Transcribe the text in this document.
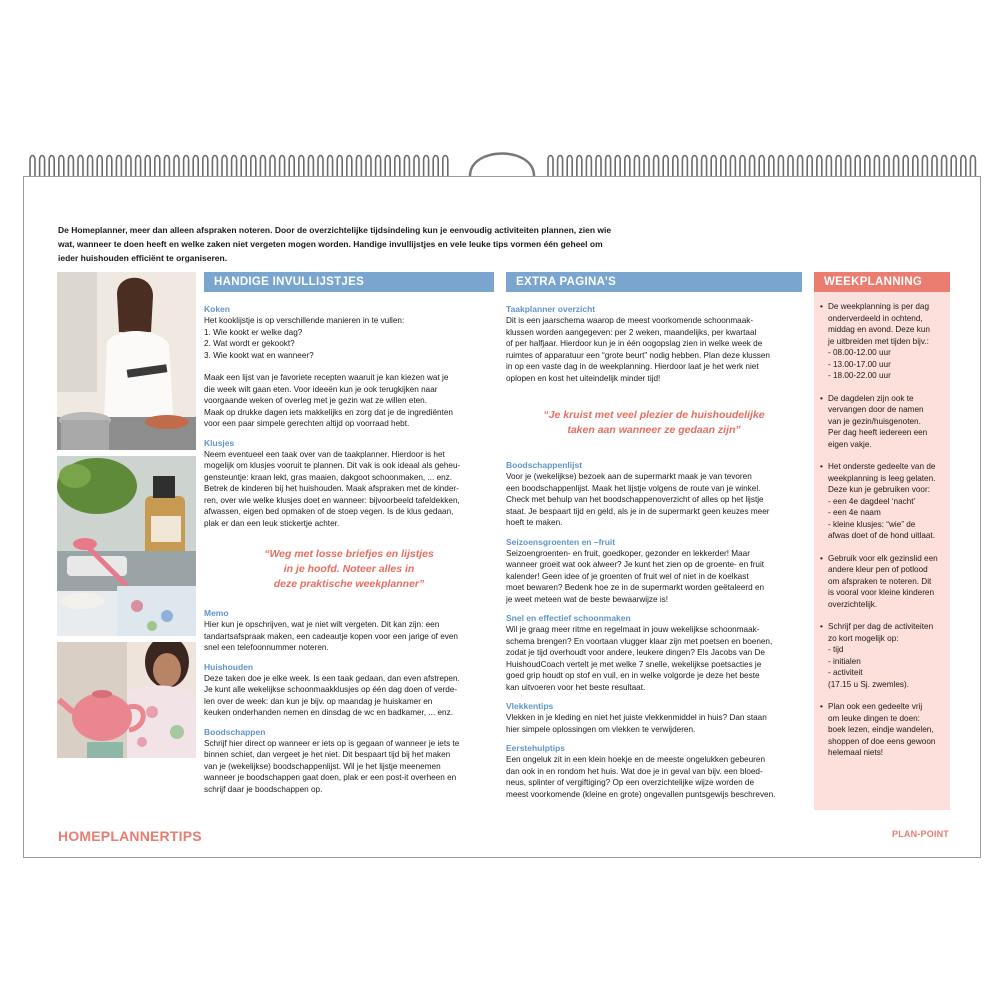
De Homeplanner, meer dan alleen afspraken noteren. Door de overzichtelijke tijdsindeling kun je eenvoudig activiteiten plannen, zien wie
wat, wanneer te doen heeft en welke zaken niet vergeten mogen worden. Handige invullijstjes en vele leuke tips vormen één geheel om
ieder huishouden efficiënt te organiseren.
HANDIGE INVULLIJSTJES
Koken
Het kooklijstje is op verschillende manieren in te vullen:
1. Wie kookt er welke dag?
2. Wat wordt er gekookt?
3. Wie kookt wat en wanneer?
Maak een lijst van je favoriete recepten waaruit je kan kiezen wat je
die week wilt gaan eten. Voor ideeën kun je ook terugkijken naar
voorgaande weken of overleg met je gezin wat ze willen eten.
Maak op drukke dagen iets makkelijks en zorg dat je de ingrediënten
voor een paar simpele gerechten altijd op voorraad hebt.
Klusjes
Neem eventueel een taak over van de taakplanner. Hierdoor is het
mogelijk om klusjes vooruit te plannen. Dit vak is ook ideaal als geheu-
gensteuntje: kraan lekt, gras maaien, dakgoot schoonmaken, ... enz.
Betrek de kinderen bij het huishouden. Maak afspraken met de kinder-
ren, over wie welke klusjes doet en wanneer: bijvoorbeeld tafeldekken,
afwassen, eigen bed opmaken of de stoep vegen. Is de klus gedaan,
plak er dan een leuk stickertje achter.
“Weg met losse briefjes en lijstjes
in je hoofd. Noteer alles in
deze praktische weekplanner”
Memo
Hier kun je opschrijven, wat je niet wilt vergeten. Dit kan zijn: een
tandartsafspraak maken, een cadeautje kopen voor een jarige of even
snel een telefoonnummer noteren.
Huishouden
Deze taken doe je elke week. Is een taak gedaan, dan even afstrepen.
Je kunt alle wekelijkse schoonmaakklusjes op één dag doen of verde-
len over de week: dan kun je bijv. op maandag je huiskamer en
keuken onderhanden nemen en dinsdag de wc en badkamer, ... enz.
Boodschappen
Schrijf hier direct op wanneer er iets op is gegaan of wanneer je iets te
binnen schiet, dan vergeet je het niet. Dit bespaart tijd bij het maken
van je (wekelijkse) boodschappenlijst. Wil je het lijstje meenemen
wanneer je boodschappen gaat doen, plak er een post-it overheen en
schrijf daar je boodschappen op.
EXTRA PAGINA’S
Taakplanner overzicht
Dit is een jaarschema waarop de meest voorkomende schoonmaak-
klussen worden aangegeven: per 2 weken, maandelijks, per kwartaal
of per halfjaar. Hierdoor kun je in één oogopslag zien in welke week de
ruimtes of apparatuur een “grote beurt” nodig hebben. Plan deze klussen
in op een vaste dag in de weekplanning. Hierdoor laat je het werk niet
oplopen en kost het uiteindelijk minder tijd!
“Je kruist met veel plezier de huishoudelijke
taken aan wanneer ze gedaan zijn”
Boodschappenlijst
Voor je (wekelijkse) bezoek aan de supermarkt maak je van tevoren
een boodschappenlijst. Maak het lijstje volgens de route van je winkel.
Check met behulp van het boodschappenoverzicht of alles op het lijstje
staat. Je bespaart tijd en geld, als je in de supermarkt geen keuzes meer
hoeft te maken.
Seizoensgroenten en –fruit
Seizoengroenten- en fruit, goedkoper, gezonder en lekkerder! Maar
wanneer groeit wat ook alweer? Je kunt het zien op de groente- en fruit
kalender! Geen idee of je groenten of fruit wel of niet in de koelkast
moet bewaren? Bedenk hoe ze in de supermarkt worden geëtaleerd en
je weet meteen wat de beste bewaarwijze is!
Snel en effectief schoonmaken
Wil je graag meer ritme en regelmaat in jouw wekelijkse schoonmaak-
schema brengen? En voortaan vlugger klaar zijn met poetsen en boenen,
zodat je tijd overhoudt voor andere, leukere dingen? Els Jacobs van De
HuishoudCoach vertelt je met welke 7 snelle, wekelijkse poetsacties je
goed grip houdt op stof en vuil, en in welke volgorde je deze het beste
kan uitvoeren voor het beste resultaat.
Vlekkentips
Vlekken in je kleding en niet het juiste vlekkenmiddel in huis? Dan staan
hier simpele oplossingen om vlekken te verwijderen.
Eerstehulptips
Een ongeluk zit in een klein hoekje en de meeste ongelukken gebeuren
dan ook in en rondom het huis. Wat doe je in geval van bijv. een bloed-
neus, splinter of vergiftiging? Op een overzichtelijke wijze worden de
meest voorkomende (kleine en grote) ongevallen puntsgewijs beschreven.
WEEKPLANNING
• De weekplanning is per dag
onderverdeeld in ochtend,
middag en avond. Deze kun
je uitbreiden met tijden bijv.:
- 08.00-12.00 uur
- 13.00-17.00 uur
- 18.00-22.00 uur
• De dagdelen zijn ook te
vervangen door de namen
van je gezin/huisgenoten.
Per dag heeft iedereen een
eigen vakje.
• Het onderste gedeelte van de
weekplanning is leeg gelaten.
Deze kun je gebruiken voor:
- een 4e dagdeel ‘nacht’
- een 4e naam
- kleine klusjes: “wie” de
afwas doet of de hond uitlaat.
• Gebruik voor elk gezinslid een
andere kleur pen of potlood
om afspraken te noteren. Dit
is vooral voor kleine kinderen
overzichtelijk.
• Schrijf per dag de activiteiten
zo kort mogelijk op:
- tijd
- initialen
- activiteit
(17.15 u Sj. zwemles).
• Plan ook een gedeelte vrij
om leuke dingen te doen:
boek lezen, eindje wandelen,
shoppen of doe eens gewoon
helemaal niets!
HOMEPLANNERTIPS	PLAN-POINT
